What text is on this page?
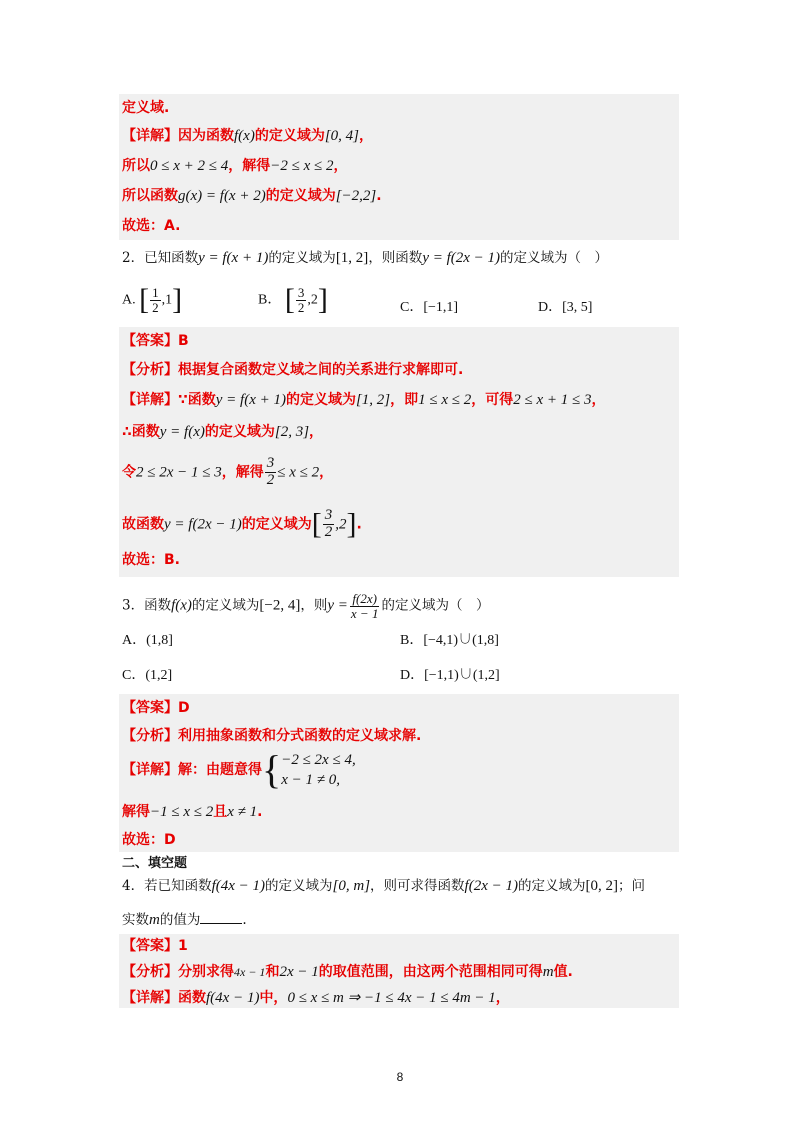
定义域.
【详解】因为函数f(x)的定义域为[0, 4]，
所以0 ≤ x + 2 ≤ 4，解得−2 ≤ x ≤ 2，
所以函数g(x) = f(x + 2)的定义域为[−2,2].
故选：A.
2．已知函数y = f(x + 1)的定义域为[1, 2]，则函数y = f(2x − 1)的定义域为（　）
A. [ $\frac{1}{2} ,1$]	B． [ $\frac{3}{2} ,2$]	C．[−1,1]	D．[3, 5]
【答案】B
【分析】根据复合函数定义域之间的关系进行求解即可.
【详解】∵函数y = f(x + 1)的定义域为[1, 2]，即1 ≤ x ≤ 2，可得2 ≤ x + 1 ≤ 3，
∴函数y = f(x)的定义域为[2, 3]，
令2 ≤ 2x − 1 ≤ 3，解得 $\frac{3}{2} \le x \le 2$，
故函数y = f(2x − 1)的定义域为[ $\frac{3}{2} ,2$].
故选：B.
3．函数f(x)的定义域为[−2, 4]，则$y = \frac{f(2x)}{x - 1}$ 的定义域为（　）
A．(1,8]	B．[−4,1)∪(1,8]
C．(1,2]	D．[−1,1)∪(1,2]
【答案】D
【分析】利用抽象函数和分式函数的定义域求解.
【详解】解：由题意得{ −2 ≤ 2x ≤ 4,
x − 1 ≠ 0,
解得−1 ≤ x ≤ 2且x ≠ 1.
故选：D
二、填空题
4．若已知函数f(4x − 1)的定义域为[0, m]，则可求得函数f(2x − 1)的定义域为[0, 2]；问
实数m的值为	.
【答案】1
【分析】分别求得4x − 1和2x − 1的取值范围，由这两个范围相同可得m值.
【详解】函数f(4x − 1)中，0 ≤ x ≤ m ⇒ −1 ≤ 4x − 1 ≤ 4m − 1，
8
